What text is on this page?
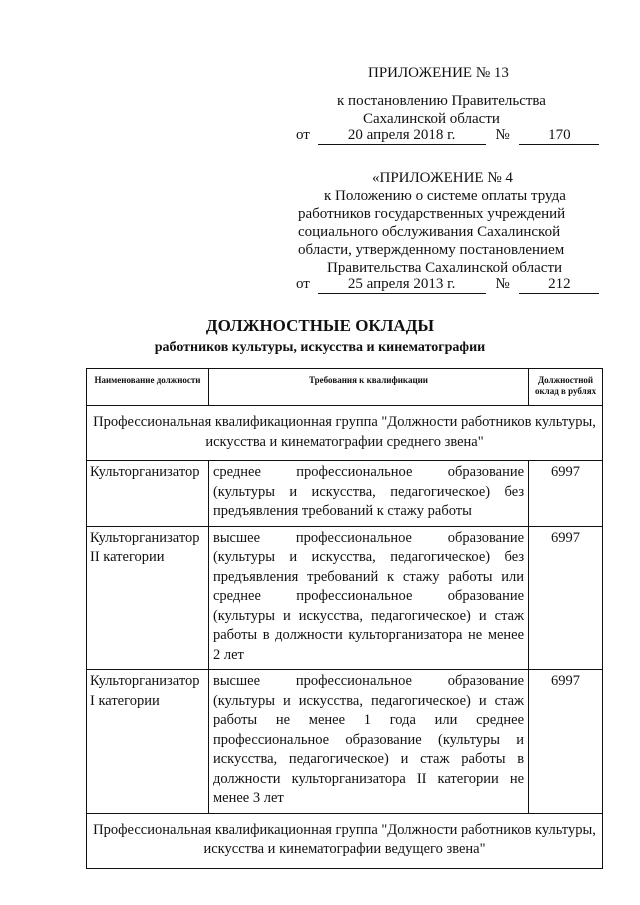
ПРИЛОЖЕНИЕ № 13
к постановлению Правительства
Сахалинской области
от	20 апреля 2018 г.	№	170
«ПРИЛОЖЕНИЕ № 4
к Положению о системе оплаты труда
работников государственных учреждений
социального обслуживания Сахалинской
области, утвержденному постановлением
Правительства Сахалинской области
от	25 апреля 2013 г.	№	212
ДОЛЖНОСТНЫЕ ОКЛАДЫ
работников культуры, искусства и кинематографии
Наименование должности	Требования к квалификации	Должностной оклад в рублях
Профессиональная квалификационная группа "Должности работников культуры, искусства и кинематографии среднего звена"		
Культорганизатор	среднее профессиональное образование (культуры и искусства, педагогическое) без предъявления требований к стажу работы	6997
Культорганизатор II категории	высшее профессиональное образование (культуры и искусства, педагогическое) без предъявления требований к стажу работы или среднее профессиональное образование (культуры и искусства, педагогическое) и стаж работы в должности культорганизатора не менее 2 лет	6997
Культорганизатор I категории	высшее профессиональное образование (культуры и искусства, педагогическое) и стаж работы не менее 1 года или среднее профессиональное образование (культуры и искусства, педагогическое) и стаж работы в должности культорганизатора II категории не менее 3 лет	6997
Профессиональная квалификационная группа "Должности работников культуры, искусства и кинематографии ведущего звена"		
